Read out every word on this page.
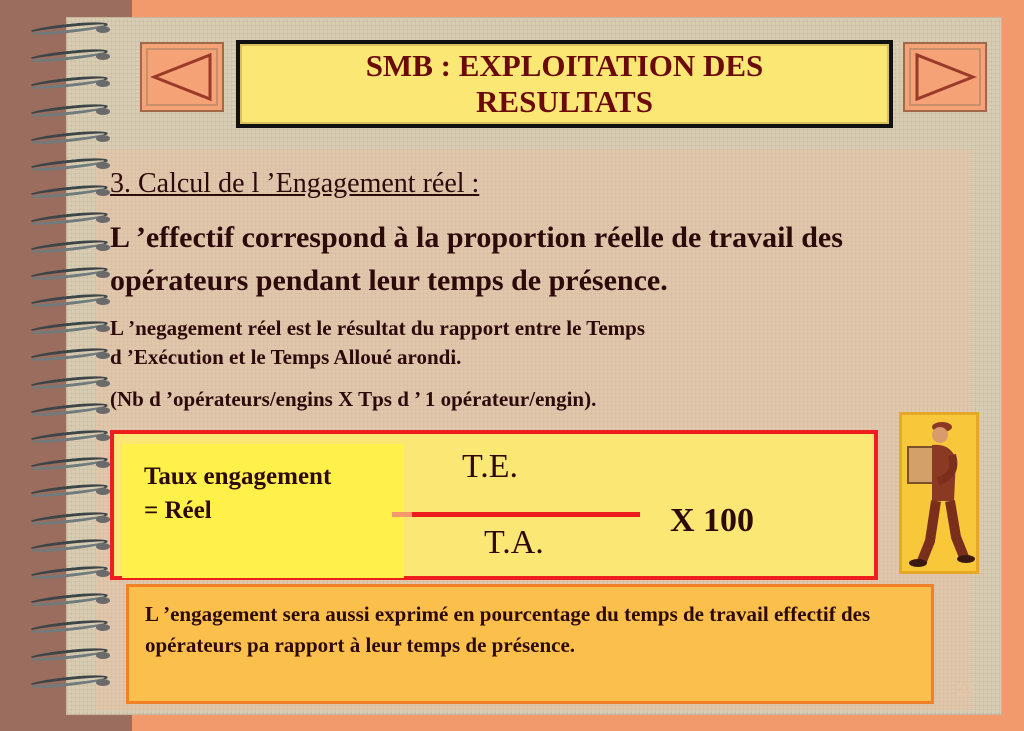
SMB : EXPLOITATION DES
RESULTATS
3. Calcul de l ’Engagement réel :
L ’effectif correspond à la proportion réelle de travail des opérateurs pendant leur temps de présence.
L ’negagement réel est le résultat du rapport entre le Temps
d ’Exécution et le Temps Alloué arondi.
(Nb d ’opérateurs/engins X Tps d ’ 1 opérateur/engin).
Taux engagement
= Réel
T.E.
T.A.
X 100
L ’engagement sera aussi exprimé en pourcentage du temps de travail effectif des opérateurs pa rapport à leur temps de présence.
23
